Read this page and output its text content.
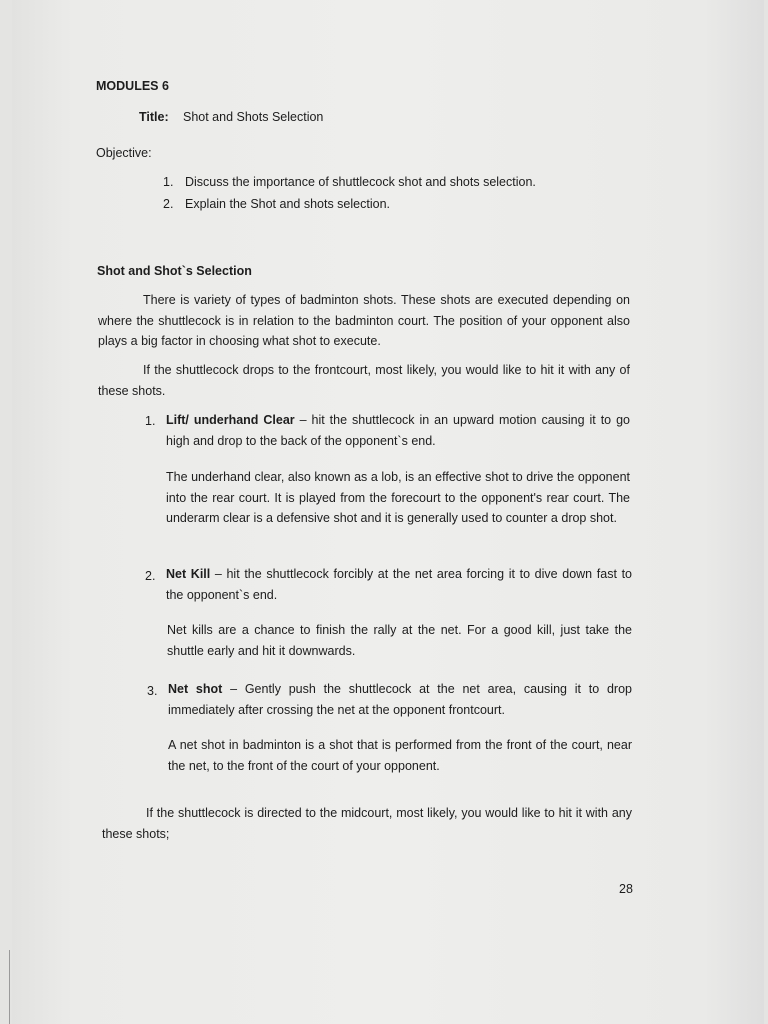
MODULES 6
Title: Shot and Shots Selection
Objective:
1. Discuss the importance of shuttlecock shot and shots selection.
2. Explain the Shot and shots selection.
Shot and Shot`s Selection
There is variety of types of badminton shots. These shots are executed depending on where the shuttlecock is in relation to the badminton court. The position of your opponent also plays a big factor in choosing what shot to execute.
If the shuttlecock drops to the frontcourt, most likely, you would like to hit it with any of these shots.
1. Lift/ underhand Clear – hit the shuttlecock in an upward motion causing it to go high and drop to the back of the opponent`s end.
The underhand clear, also known as a lob, is an effective shot to drive the opponent into the rear court. It is played from the forecourt to the opponent's rear court. The underarm clear is a defensive shot and it is generally used to counter a drop shot.
2. Net Kill – hit the shuttlecock forcibly at the net area forcing it to dive down fast to the opponent`s end.
Net kills are a chance to finish the rally at the net. For a good kill, just take the shuttle early and hit it downwards.
3. Net shot – Gently push the shuttlecock at the net area, causing it to drop immediately after crossing the net at the opponent frontcourt.
A net shot in badminton is a shot that is performed from the front of the court, near the net, to the front of the court of your opponent.
If the shuttlecock is directed to the midcourt, most likely, you would like to hit it with any these shots;
28
